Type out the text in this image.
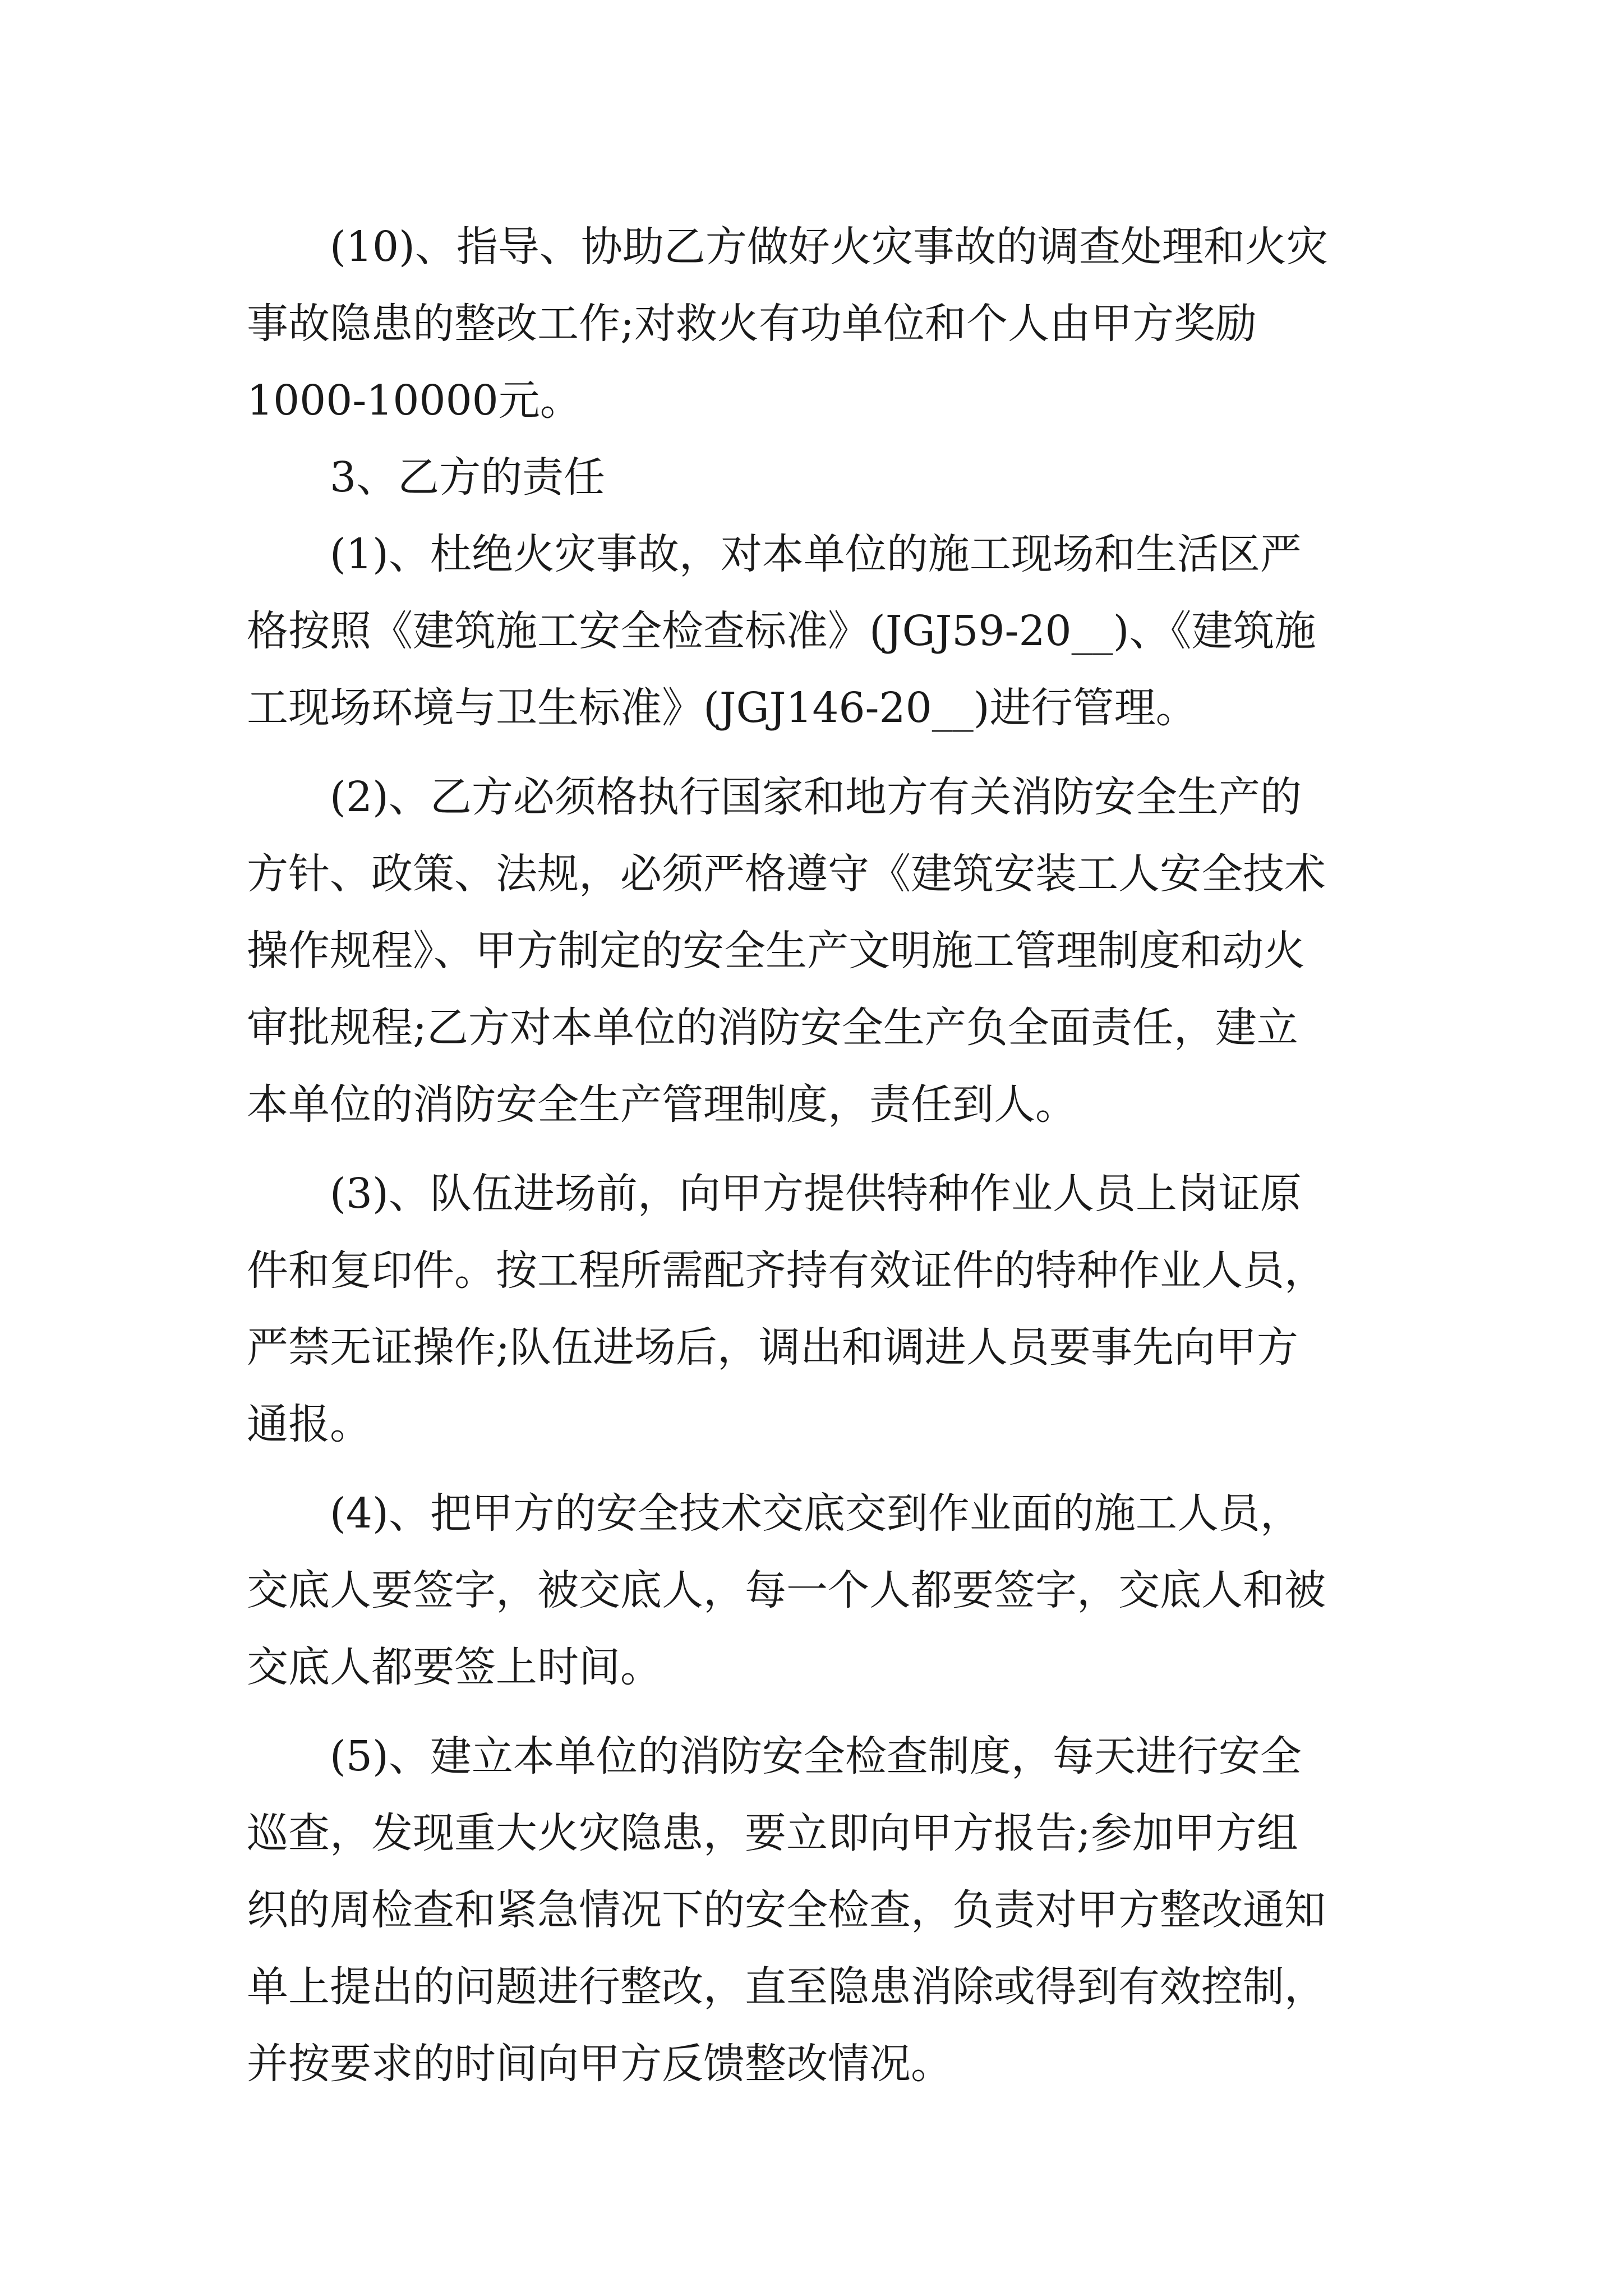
(10)、指导、协助乙方做好火灾事故的调查处理和火灾
事故隐患的整改工作;对救火有功单位和个人由甲方奖励
1000-10000元。
3、乙方的责任
(1)、杜绝火灾事故，对本单位的施工现场和生活区严
格按照《建筑施工安全检查标准》(JGJ59-20__)、《建筑施
工现场环境与卫生标准》(JGJ146-20__)进行管理。
(2)、乙方必须格执行国家和地方有关消防安全生产的
方针、政策、法规，必须严格遵守《建筑安装工人安全技术
操作规程》、甲方制定的安全生产文明施工管理制度和动火
审批规程;乙方对本单位的消防安全生产负全面责任，建立
本单位的消防安全生产管理制度，责任到人。
(3)、队伍进场前，向甲方提供特种作业人员上岗证原
件和复印件。按工程所需配齐持有效证件的特种作业人员，
严禁无证操作;队伍进场后，调出和调进人员要事先向甲方
通报。
(4)、把甲方的安全技术交底交到作业面的施工人员，
交底人要签字，被交底人，每一个人都要签字，交底人和被
交底人都要签上时间。
(5)、建立本单位的消防安全检查制度，每天进行安全
巡查，发现重大火灾隐患，要立即向甲方报告;参加甲方组
织的周检查和紧急情况下的安全检查，负责对甲方整改通知
单上提出的问题进行整改，直至隐患消除或得到有效控制，
并按要求的时间向甲方反馈整改情况。
